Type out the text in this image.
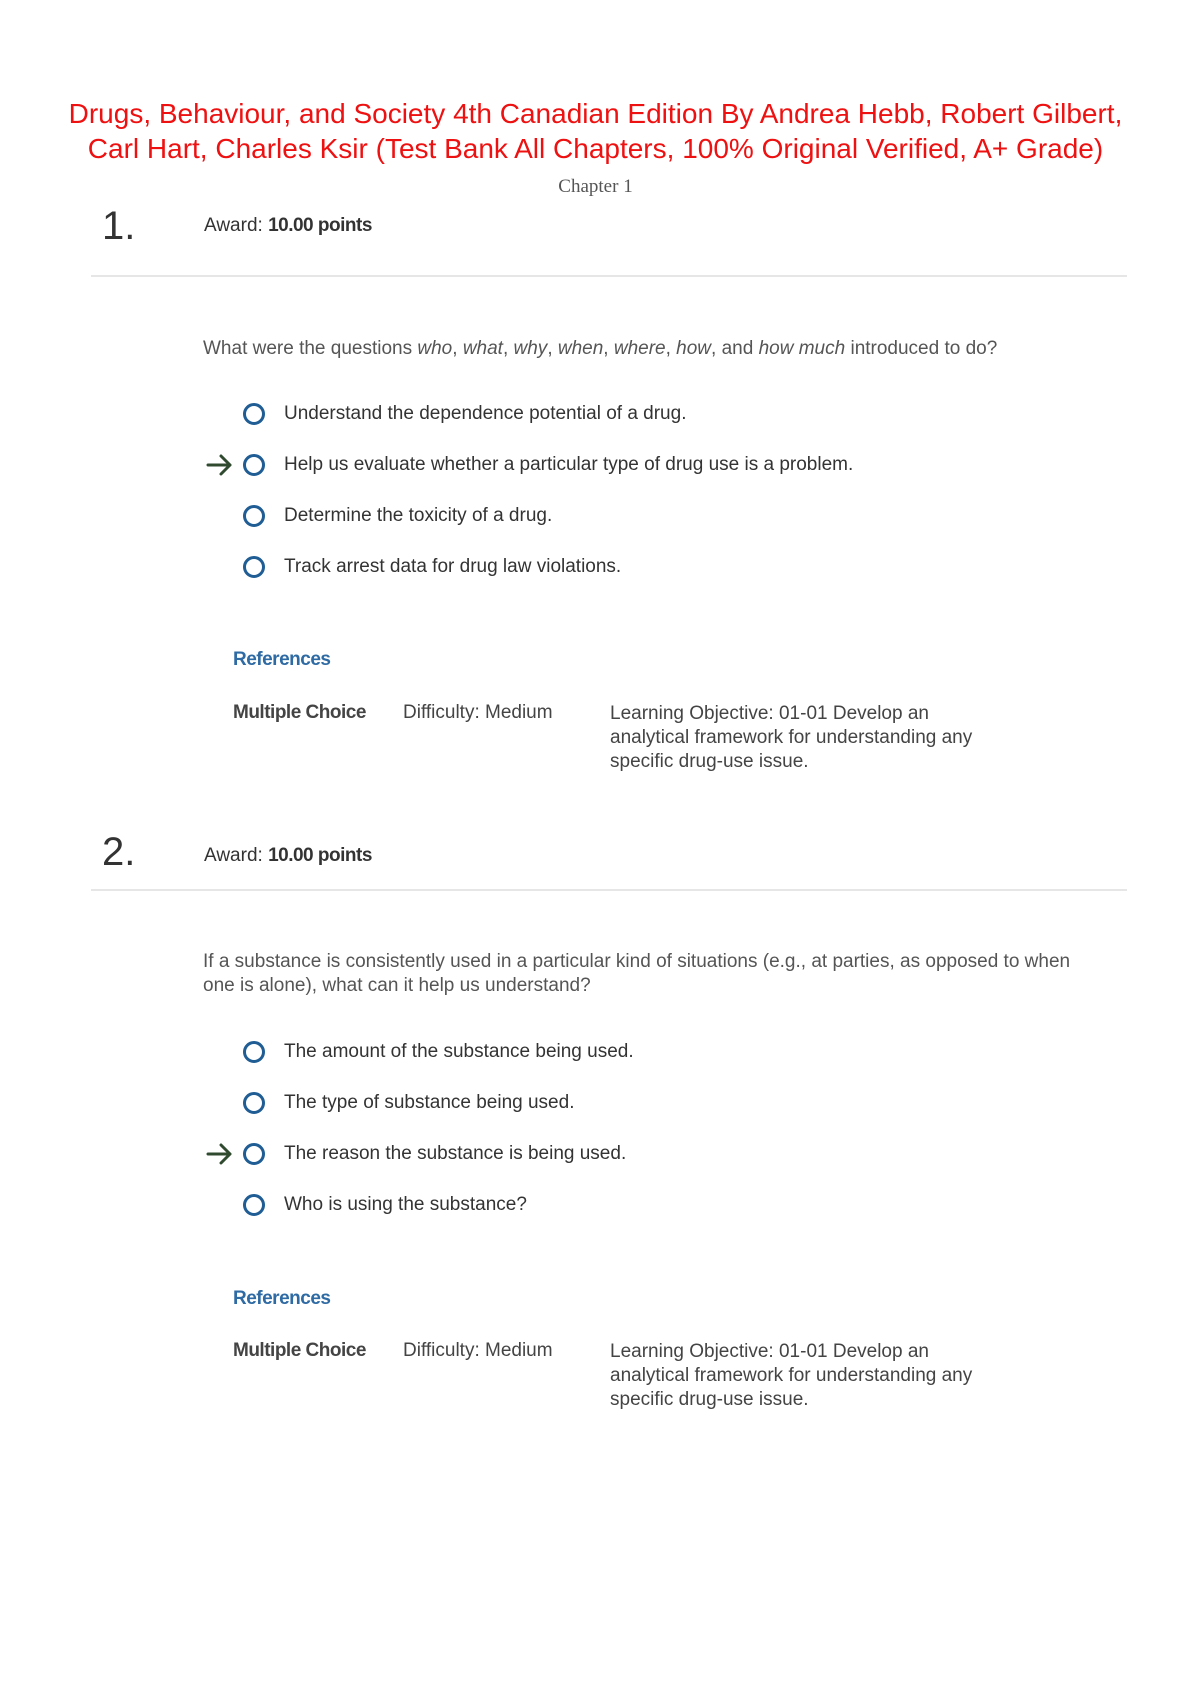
Drugs, Behaviour, and Society 4th Canadian Edition By Andrea Hebb, Robert Gilbert, Carl Hart, Charles Ksir (Test Bank All Chapters, 100% Original Verified, A+ Grade)
Chapter 1
1.	Award: 10.00 points
What were the questions who, what, why, when, where, how, and how much introduced to do?
Understand the dependence potential of a drug.
Help us evaluate whether a particular type of drug use is a problem.
Determine the toxicity of a drug.
Track arrest data for drug law violations.
References
Multiple Choice Difficulty: Medium	Learning Objective: 01-01 Develop an analytical framework for understanding any specific drug-use issue.
2.	Award: 10.00 points
If a substance is consistently used in a particular kind of situations (e.g., at parties, as opposed to when one is alone), what can it help us understand?
The amount of the substance being used.
The type of substance being used.
The reason the substance is being used.
Who is using the substance?
References
Multiple Choice Difficulty: Medium	Learning Objective: 01-01 Develop an analytical framework for understanding any specific drug-use issue.
